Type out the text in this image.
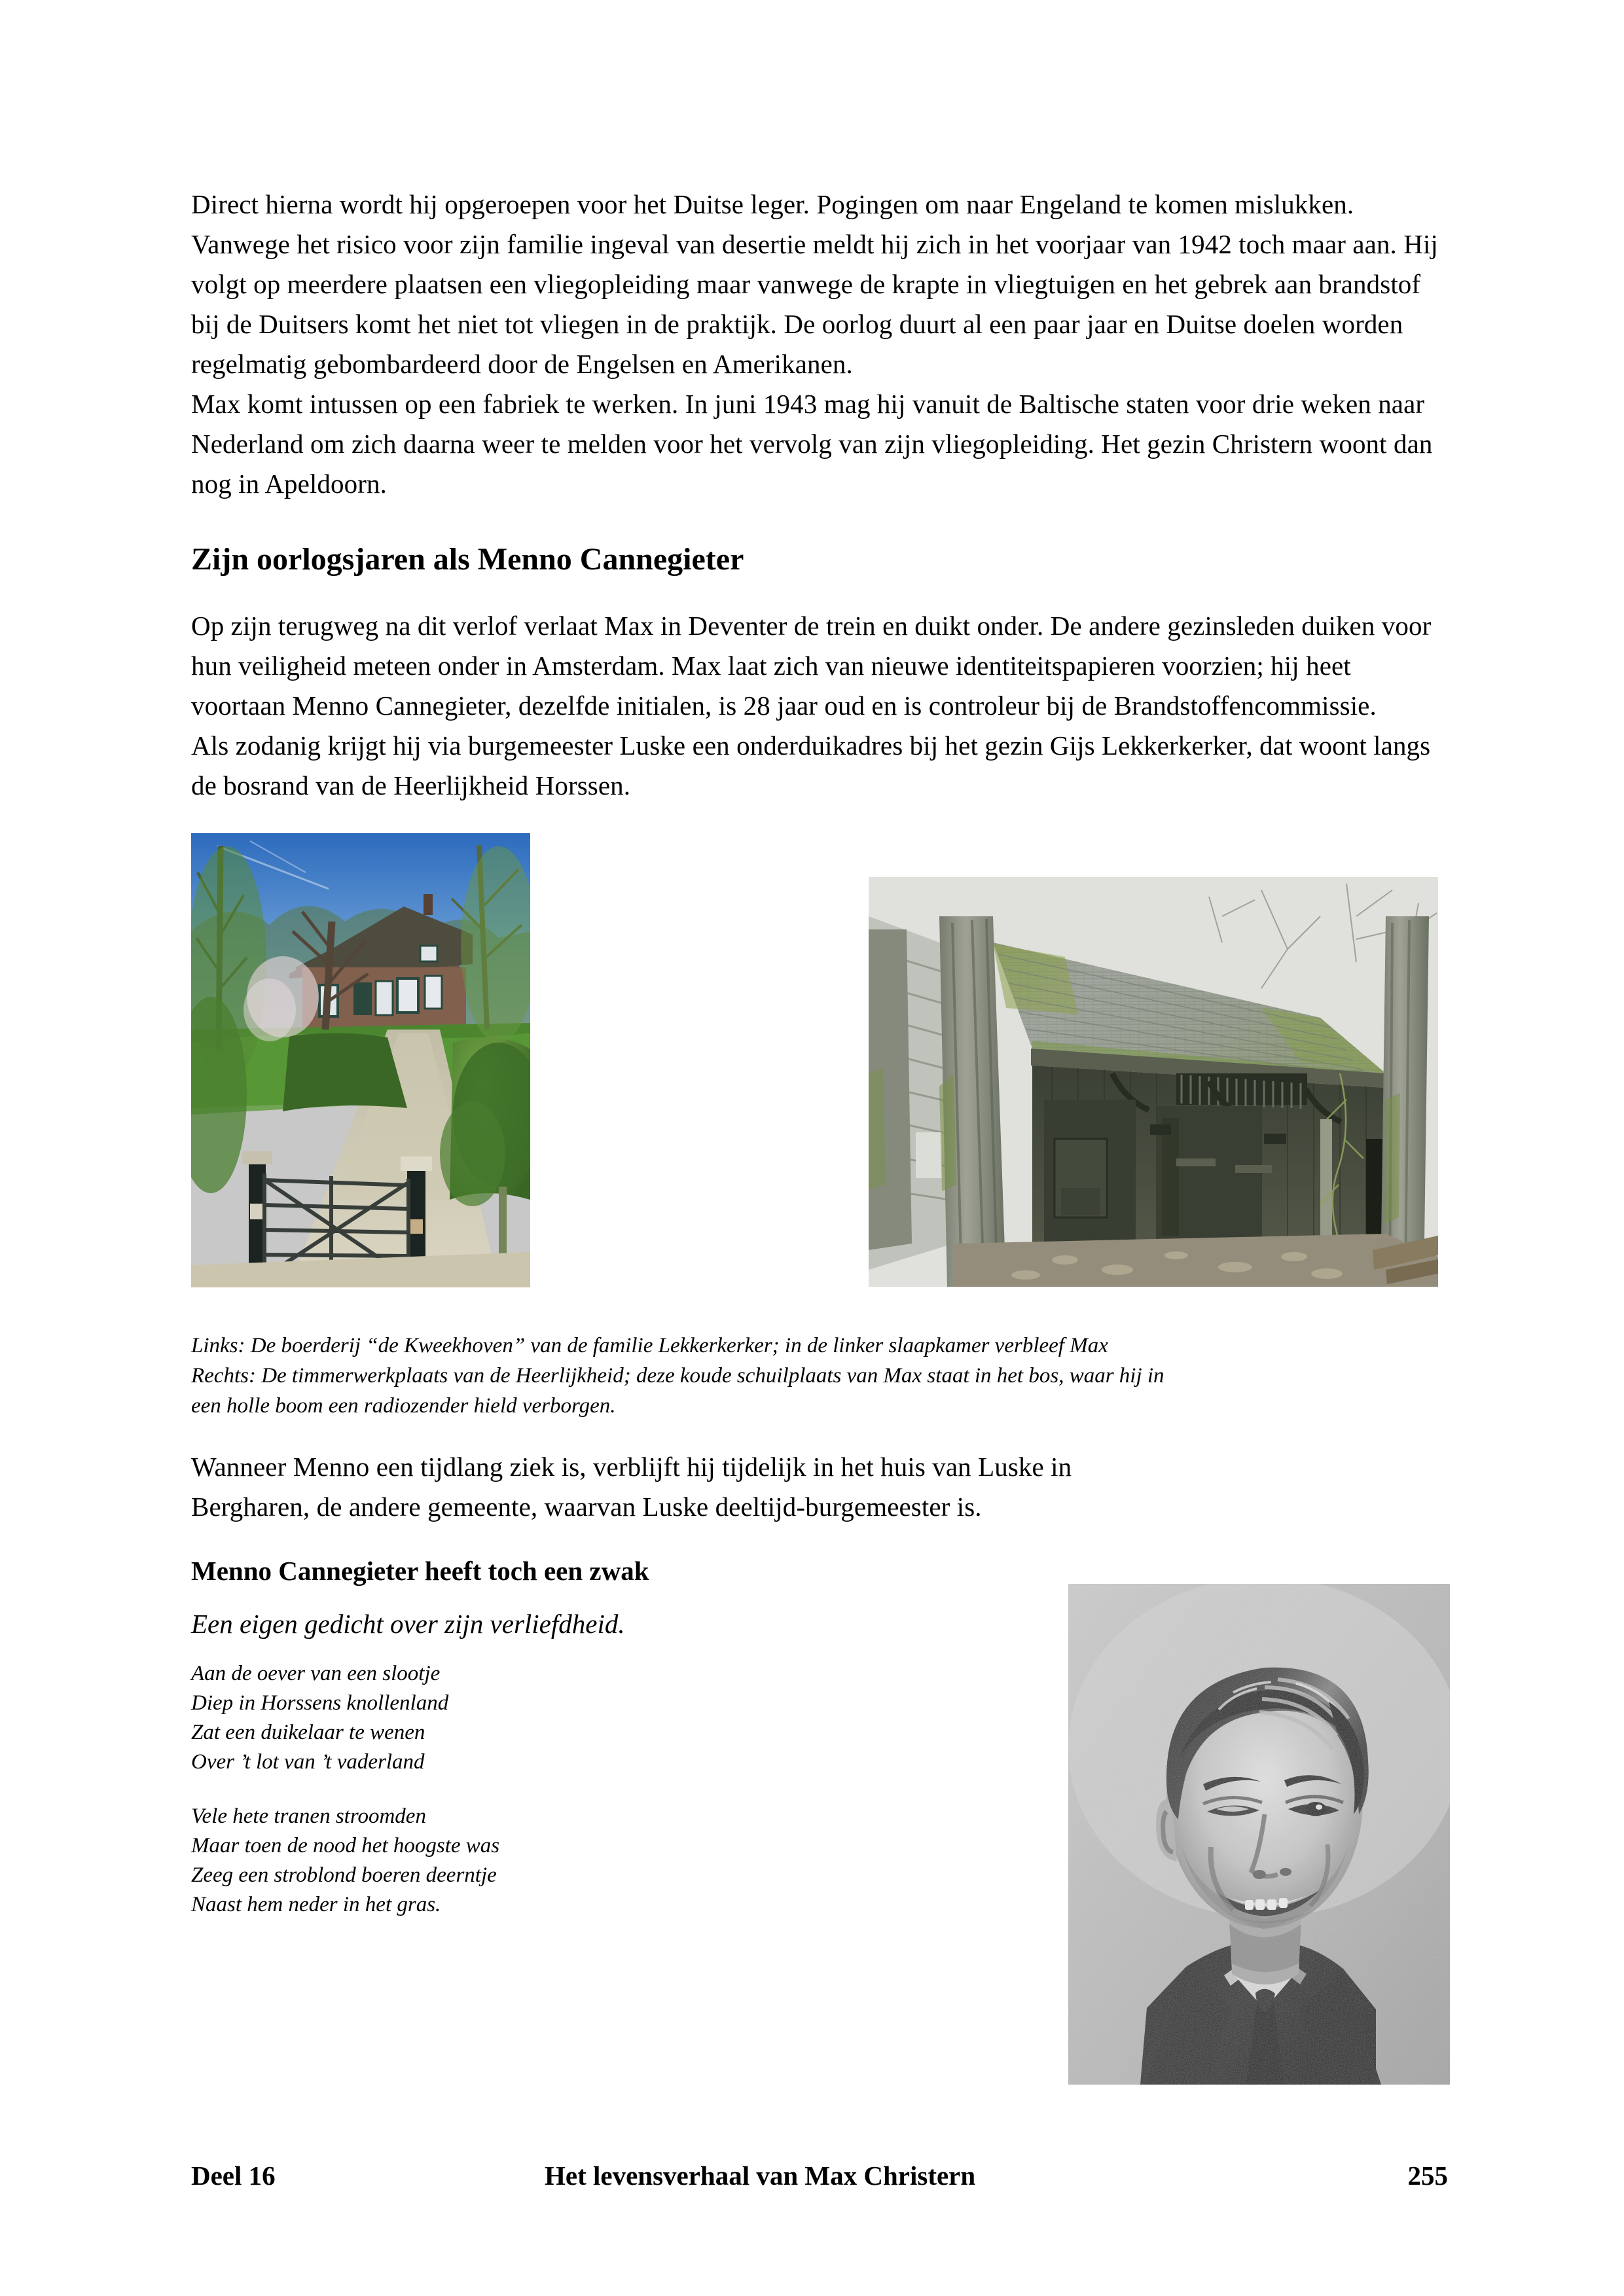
Direct hierna wordt hij opgeroepen voor het Duitse leger. Pogingen om naar Engeland te komen mislukken. Vanwege het risico voor zijn familie ingeval van desertie meldt hij zich in het voorjaar van 1942 toch maar aan. Hij volgt op meerdere plaatsen een vliegopleiding maar vanwege de krapte in vliegtuigen en het gebrek aan brandstof bij de Duitsers komt het niet tot vliegen in de praktijk. De oorlog duurt al een paar jaar en Duitse doelen worden regelmatig gebombardeerd door de Engelsen en Amerikanen.

Max komt intussen op een fabriek te werken. In juni 1943 mag hij vanuit de Baltische staten voor drie weken naar Nederland om zich daarna weer te melden voor het vervolg van zijn vliegopleiding. Het gezin Christern woont dan nog in Apeldoorn.

Zijn oorlogsjaren als Menno Cannegieter

Op zijn terugweg na dit verlof verlaat Max in Deventer de trein en duikt onder. De andere gezinsleden duiken voor hun veiligheid meteen onder in Amsterdam. Max laat zich van nieuwe identiteitspapieren voorzien; hij heet voortaan Menno Cannegieter, dezelfde initialen, is 28 jaar oud en is controleur bij de Brandstoffencommissie.

Als zodanig krijgt hij via burgemeester Luske een onderduikadres bij het gezin Gijs Lekkerkerker, dat woont langs de bosrand van de Heerlijkheid Horssen.

Links: De boerderij “de Kweekhoven” van de familie Lekkerkerker; in de linker slaapkamer verbleef Max

Rechts: De timmerwerkplaats van de Heerlijkheid; deze koude schuilplaats van Max staat in het bos, waar hij in

een holle boom een radiozender hield verborgen.

Wanneer Menno een tijdlang ziek is, verblijft hij tijdelijk in het huis van Luske in Bergharen, de andere gemeente, waarvan Luske deeltijd-burgemeester is.

Menno Cannegieter heeft toch een zwak

Een eigen gedicht over zijn verliefdheid.

Aan de oever van een slootje

Diep in Horssens knollenland

Zat een duikelaar te wenen

Over ’t lot van ’t vaderland

Vele hete tranen stroomden

Maar toen de nood het hoogste was

Zeeg een stroblond boeren deerntje

Naast hem neder in het gras.

Deel 16	Het levensverhaal van Max Christern	255
